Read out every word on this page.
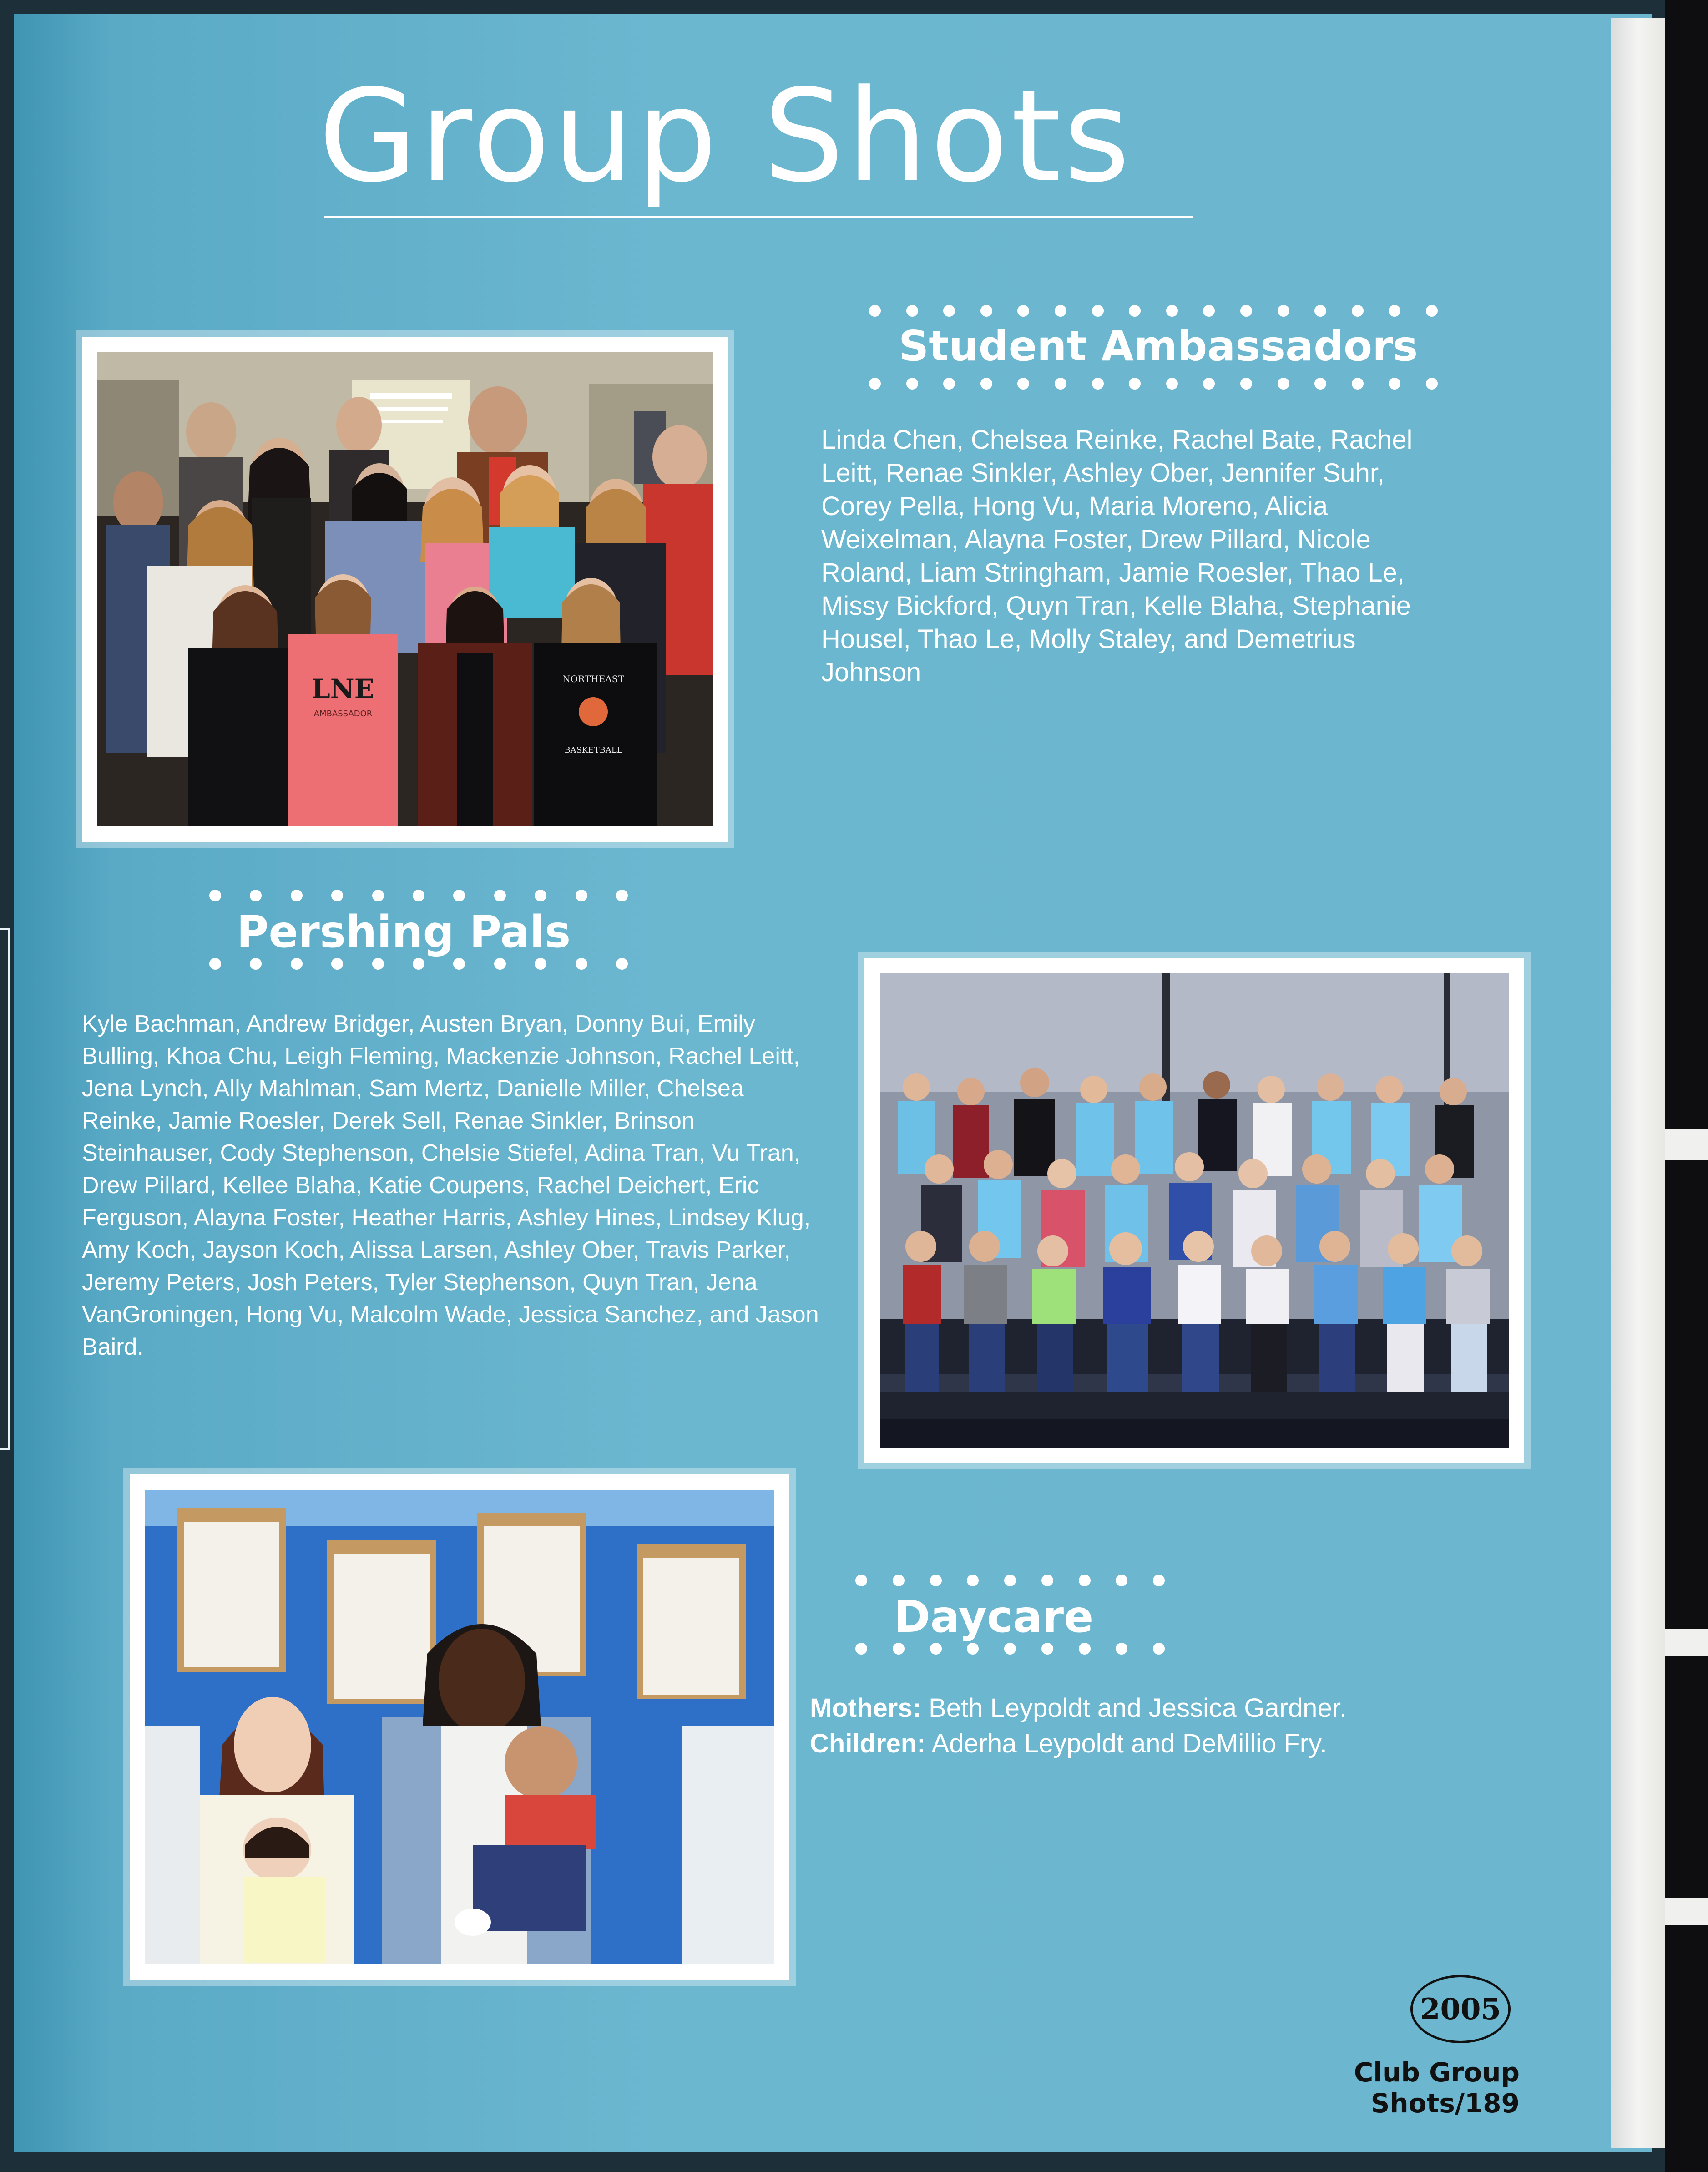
Group Shots
LNE
AMBASSADOR
NORTHEAST
BASKETBALL
Student Ambassadors
Linda Chen, Chelsea Reinke, Rachel Bate, Rachel Leitt, Renae Sinkler, Ashley Ober, Jennifer Suhr, Corey Pella, Hong Vu, Maria Moreno, Alicia Weixelman, Alayna Foster, Drew Pillard, Nicole Roland, Liam Stringham, Jamie Roesler, Thao Le, Missy Bickford, Quyn Tran, Kelle Blaha, Stephanie Housel, Thao Le, Molly Staley, and Demetrius Johnson
Pershing Pals
Kyle Bachman, Andrew Bridger, Austen Bryan, Donny Bui, Emily Bulling, Khoa Chu, Leigh Fleming, Mackenzie Johnson, Rachel Leitt, Jena Lynch, Ally Mahlman, Sam Mertz, Danielle Miller, Chelsea Reinke, Jamie Roesler, Derek Sell, Renae Sinkler, Brinson Steinhauser, Cody Stephenson, Chelsie Stiefel, Adina Tran, Vu Tran, Drew Pillard, Kellee Blaha, Katie Coupens, Rachel Deichert, Eric Ferguson, Alayna Foster, Heather Harris, Ashley Hines, Lindsey Klug, Amy Koch, Jayson Koch, Alissa Larsen, Ashley Ober, Travis Parker, Jeremy Peters, Josh Peters, Tyler Stephenson, Quyn Tran, Jena VanGroningen, Hong Vu, Malcolm Wade, Jessica Sanchez, and Jason Baird.
Daycare
Mothers: Beth Leypoldt and Jessica Gardner.
Children: Aderha Leypoldt and DeMillio Fry.
2005
Club Group Shots/189
